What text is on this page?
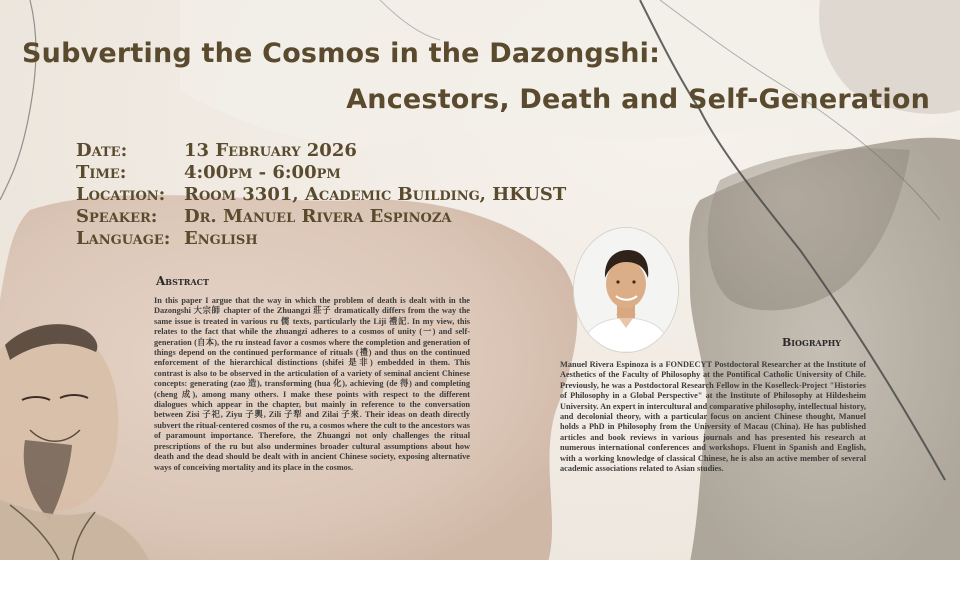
Subverting the Cosmos in the Dazongshi:
Ancestors, Death and Self-Generation
Date:	13 February 2026
Time:	4:00pm - 6:00pm
Location: Room 3301, Academic Building, HKUST
Speaker: Dr. Manuel Rivera Espinoza
Language: English
Abstract
In this paper I argue that the way in which the problem of death is dealt with in the Dazongshi 大宗師 chapter of the Zhuangzi 莊子 dramatically differs from the way the same issue is treated in various ru 儒 texts, particularly the Liji 禮記. In my view, this relates to the fact that while the zhuangzi adheres to a cosmos of unity (一) and self-generation (自本), the ru instead favor a cosmos where the completion and generation of things depend on the continued performance of rituals (禮) and thus on the continued enforcement of the hierarchical distinctions (shifei 是非) embedded in them. This contrast is also to be observed in the articulation of a variety of seminal ancient Chinese concepts: generating (zao 造), transforming (hua 化), achieving (de 得) and completing (cheng 成), among many others. I make these points with respect to the different dialogues which appear in the chapter, but mainly in reference to the conversation between Zisi 子祀, Ziyu 子輿, Zili 子犁 and Zilai 子來. Their ideas on death directly subvert the ritual-centered cosmos of the ru, a cosmos where the cult to the ancestors was of paramount importance. Therefore, the Zhuangzi not only challenges the ritual prescriptions of the ru but also undermines broader cultural assumptions about how death and the dead should be dealt with in ancient Chinese society, exposing alternative ways of conceiving mortality and its place in the cosmos.
Biography
Manuel Rivera Espinoza is a FONDECYT Postdoctoral Researcher at the Institute of Aesthetics of the Faculty of Philosophy at the Pontifical Catholic University of Chile. Previously, he was a Postdoctoral Research Fellow in the Koselleck-Project "Histories of Philosophy in a Global Perspective" at the Institute of Philosophy at Hildesheim University. An expert in intercultural and comparative philosophy, intellectual history, and decolonial theory, with a particular focus on ancient Chinese thought, Manuel holds a PhD in Philosophy from the University of Macau (China). He has published articles and book reviews in various journals and has presented his research at numerous international conferences and workshops. Fluent in Spanish and English, with a working knowledge of classical Chinese, he is also an active member of several academic associations related to Asian studies.
